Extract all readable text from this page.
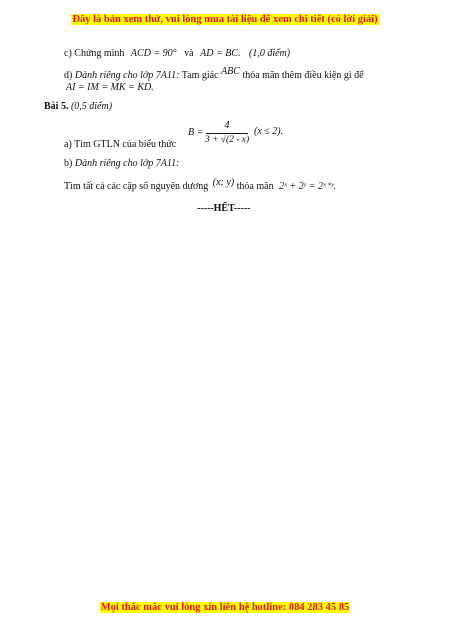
Đây là bản xem thử, vui lòng mua tài liệu để xem chi tiết (có lời giải)
c) Chứng minh ACD = 90° và AD = BC. (1,0 điểm)
d) Dành riêng cho lớp 7A11: Tam giác ABC thỏa mãn thêm điều kiện gì để
AI = IM = MK = KD.
Bài 5. (0,5 điểm)
B =
4
3 + √(2 - x)
(x ≤ 2).
a) Tìm GTLN của biểu thức
b) Dành riêng cho lớp 7A11:
Tìm tất cả các cặp số nguyên dương (x; y) thỏa mãn 2ˣ + 2ʸ = 2ˣ⁺ʸ.
-----HẾT-----
Mọi thắc mắc vui lòng xin liên hệ hotline: 084 283 45 85
